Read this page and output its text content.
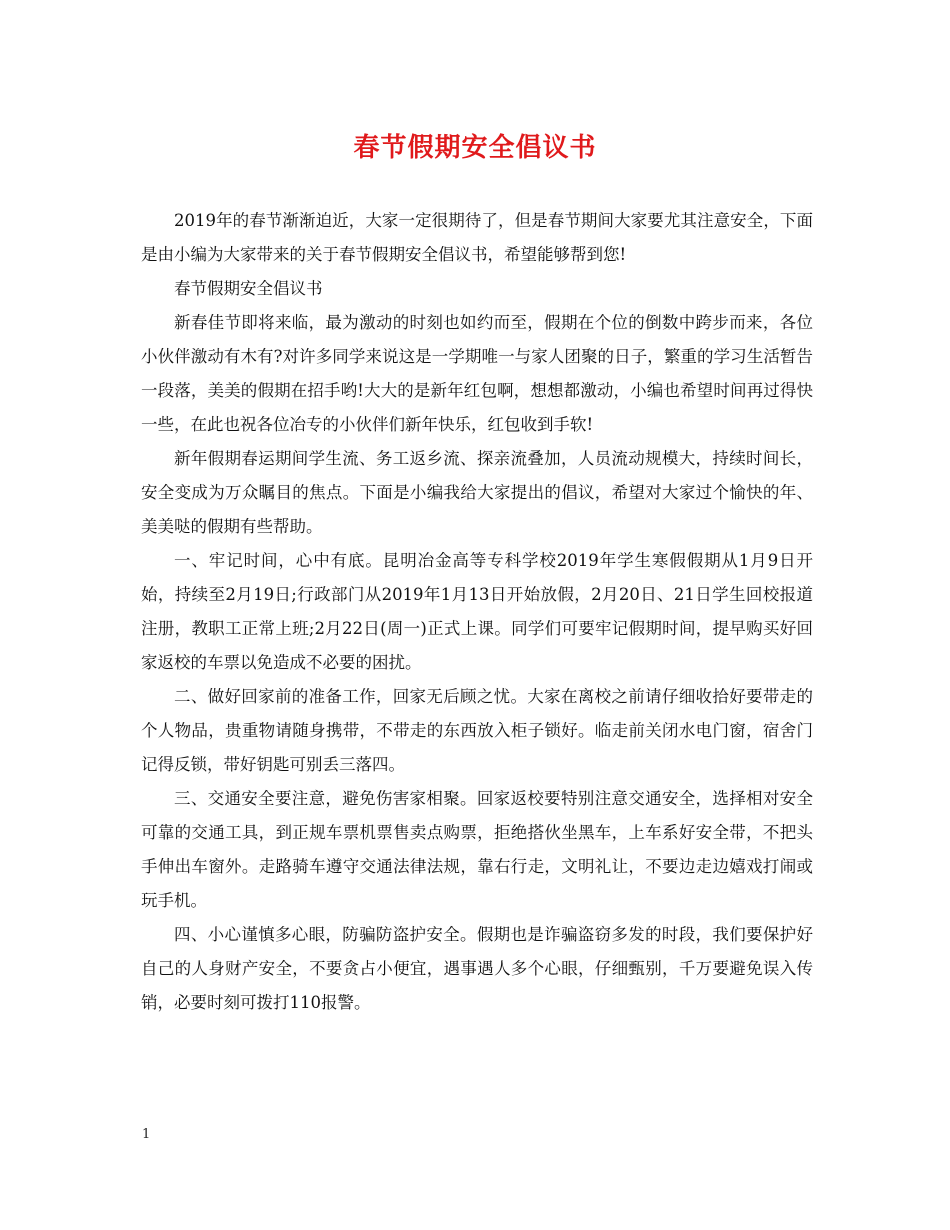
春节假期安全倡议书

2019年的春节渐渐迫近，大家一定很期待了，但是春节期间大家要尤其注意安全，下面是由小编为大家带来的关于春节假期安全倡议书，希望能够帮到您!

春节假期安全倡议书

新春佳节即将来临，最为激动的时刻也如约而至，假期在个位的倒数中跨步而来，各位小伙伴激动有木有?对许多同学来说这是一学期唯一与家人团聚的日子，繁重的学习生活暂告一段落，美美的假期在招手哟!大大的是新年红包啊，想想都激动，小编也希望时间再过得快一些，在此也祝各位冶专的小伙伴们新年快乐，红包收到手软!

新年假期春运期间学生流、务工返乡流、探亲流叠加，人员流动规模大，持续时间长，安全变成为万众瞩目的焦点。下面是小编我给大家提出的倡议，希望对大家过个愉快的年、美美哒的假期有些帮助。

一、牢记时间，心中有底。昆明冶金高等专科学校2019年学生寒假假期从1月9日开始，持续至2月19日;行政部门从2019年1月13日开始放假，2月20日、21日学生回校报道注册，教职工正常上班;2月22日(周一)正式上课。同学们可要牢记假期时间，提早购买好回家返校的车票以免造成不必要的困扰。

二、做好回家前的准备工作，回家无后顾之忧。大家在离校之前请仔细收拾好要带走的个人物品，贵重物请随身携带，不带走的东西放入柜子锁好。临走前关闭水电门窗，宿舍门记得反锁，带好钥匙可别丢三落四。

三、交通安全要注意，避免伤害家相聚。回家返校要特别注意交通安全，选择相对安全可靠的交通工具，到正规车票机票售卖点购票，拒绝搭伙坐黑车，上车系好安全带，不把头手伸出车窗外。走路骑车遵守交通法律法规，靠右行走，文明礼让，不要边走边嬉戏打闹或玩手机。

四、小心谨慎多心眼，防骗防盗护安全。假期也是诈骗盗窃多发的时段，我们要保护好自己的人身财产安全，不要贪占小便宜，遇事遇人多个心眼，仔细甄别，千万要避免误入传销，必要时刻可拨打110报警。

1
